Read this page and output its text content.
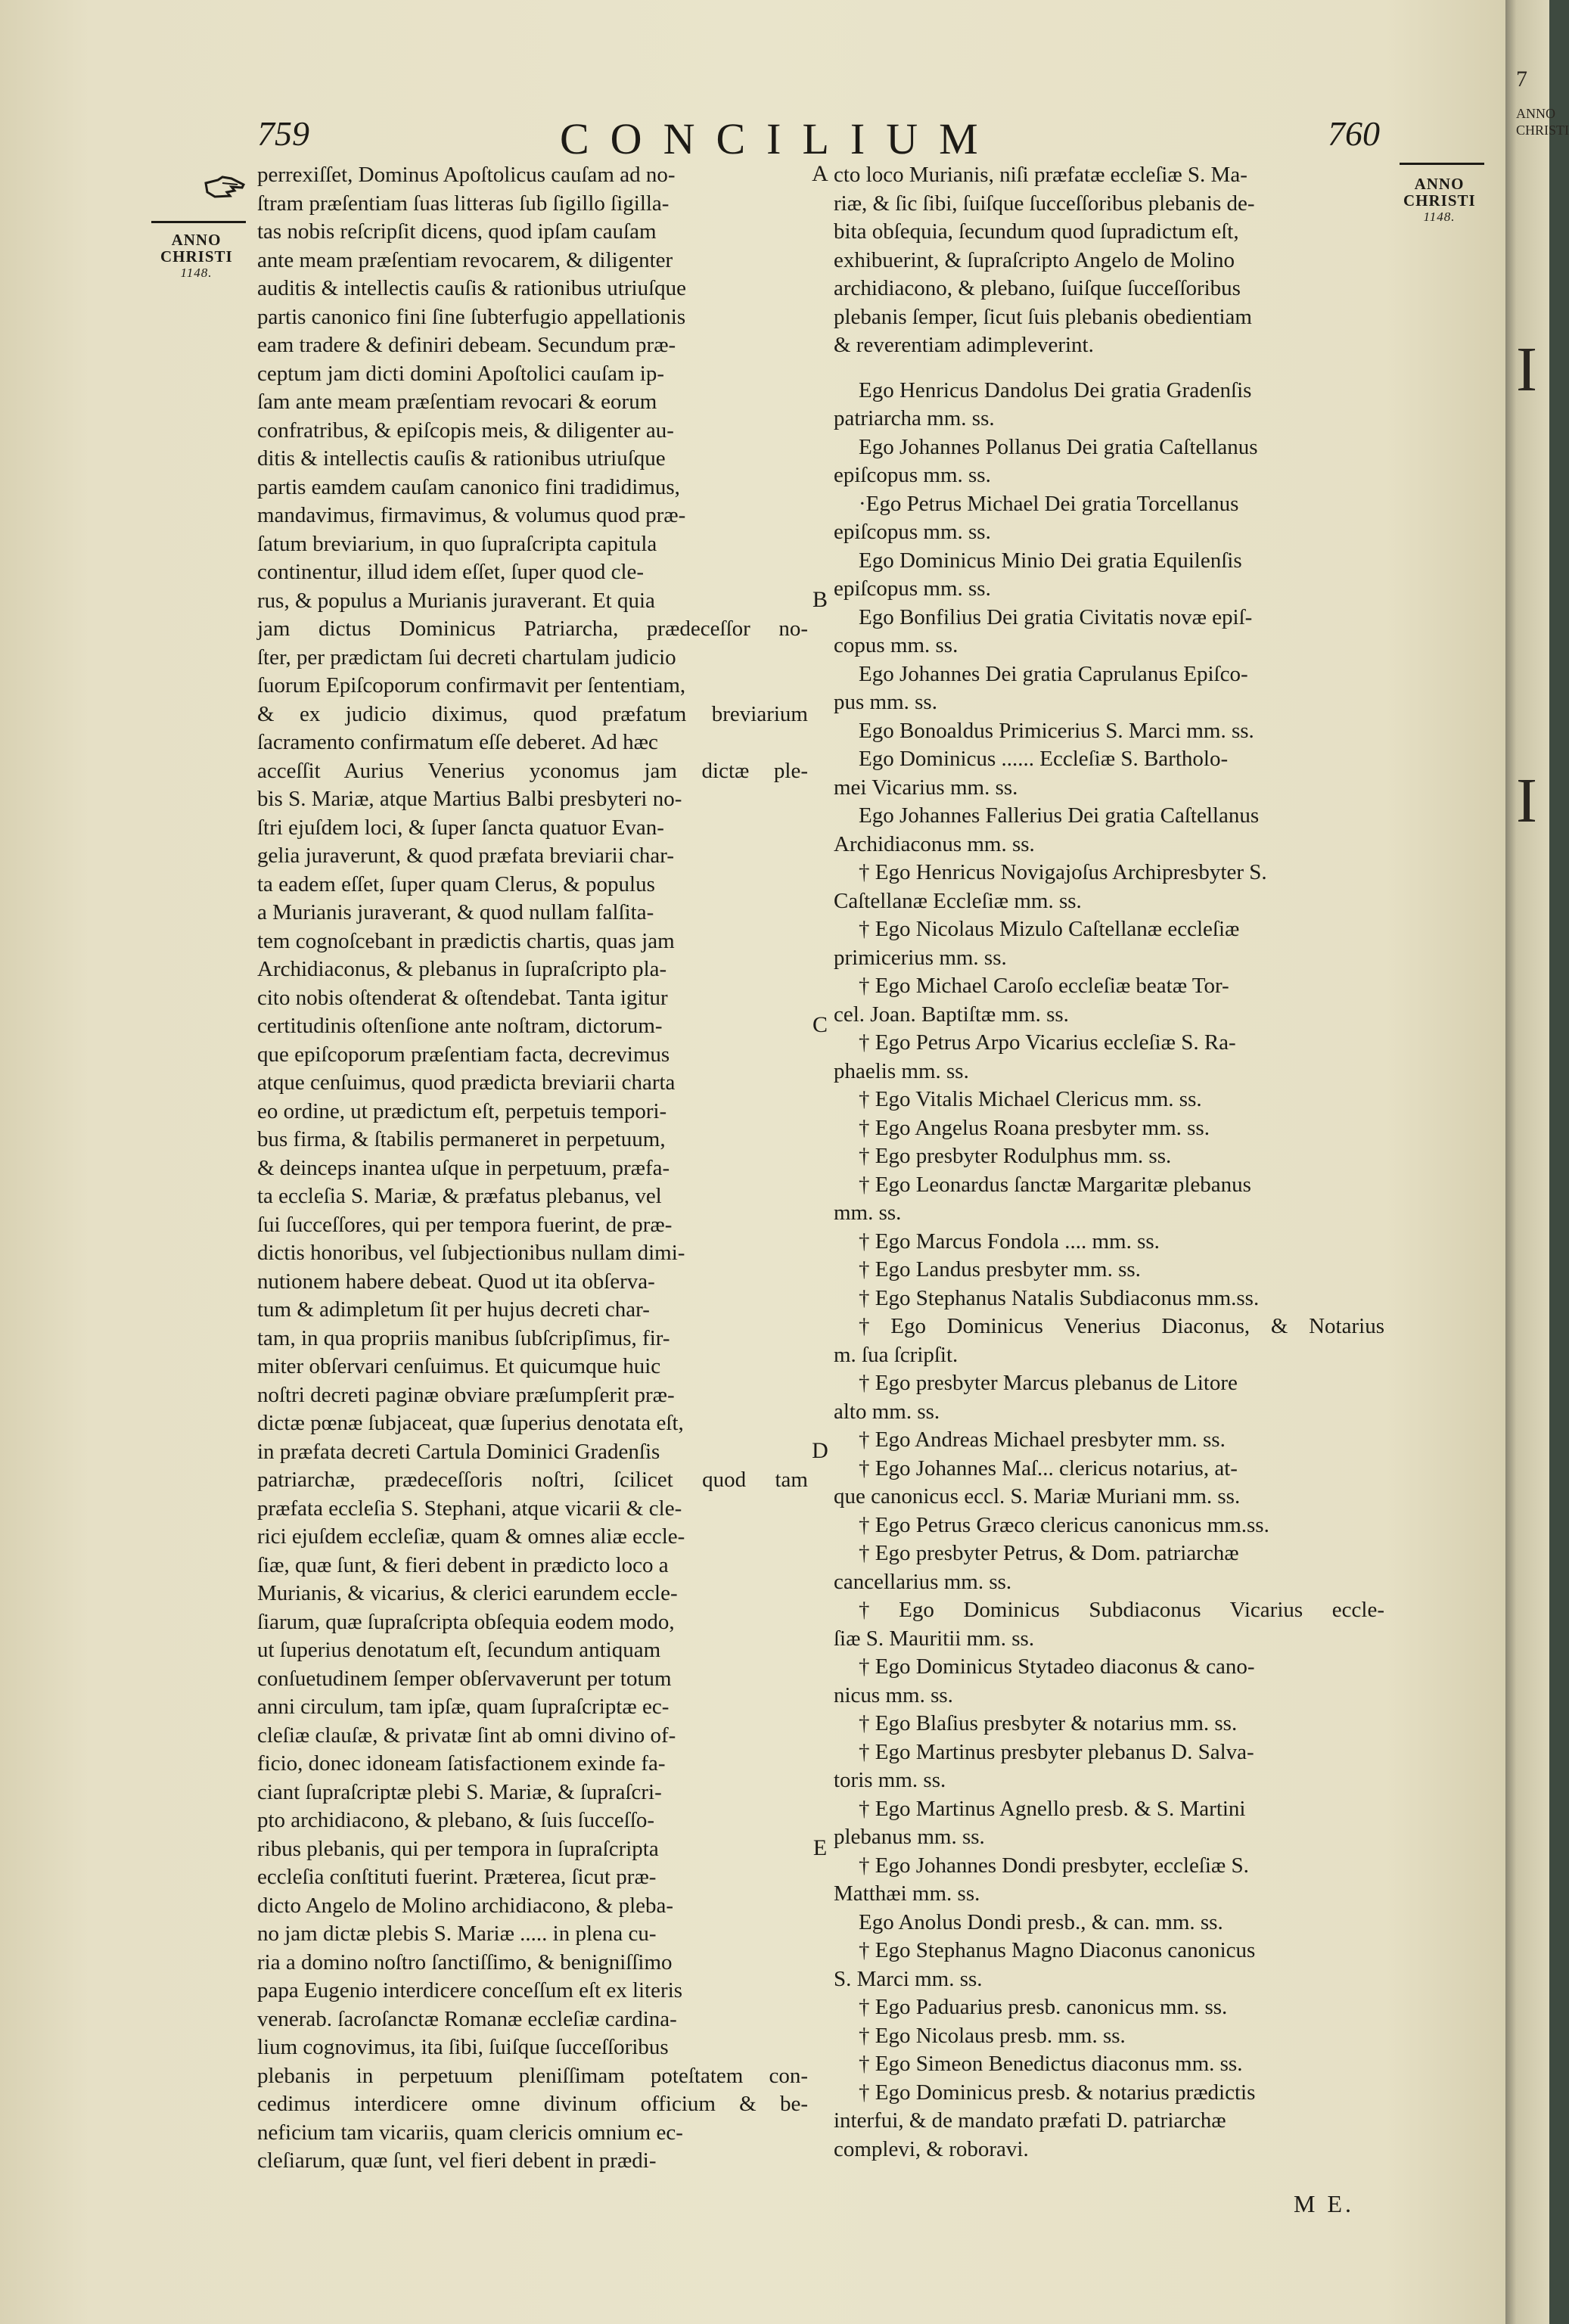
759	CONCILIUM	760
ANNO
CHRISTI
1148.
ANNO
CHRISTI
1148.
A
B
C
D
E
perrexiſſet, Dominus Apoſtolicus cauſam ad no-
ſtram præſentiam ſuas litteras ſub ſigillo ſigilla-
tas nobis reſcripſit dicens, quod ipſam cauſam
ante meam præſentiam revocarem, & diligenter
auditis & intellectis cauſis & rationibus utriuſque
partis canonico fini ſine ſubterfugio appellationis
eam tradere & definiri debeam. Secundum præ-
ceptum jam dicti domini Apoſtolici cauſam ip-
ſam ante meam præſentiam revocari & eorum
confratribus, & epiſcopis meis, & diligenter au-
ditis & intellectis cauſis & rationibus utriuſque
partis eamdem cauſam canonico fini tradidimus,
mandavimus, firmavimus, & volumus quod præ-
ſatum breviarium, in quo ſupraſcripta capitula
continentur, illud idem eſſet, ſuper quod cle-
rus, & populus a Murianis juraverant. Et quia
jam dictus Dominicus Patriarcha, prædeceſſor no-
ſter, per prædictam ſui decreti chartulam judicio
ſuorum Epiſcoporum confirmavit per ſententiam,
& ex judicio diximus, quod præfatum breviarium
ſacramento confirmatum eſſe deberet. Ad hæc
acceſſit Aurius Venerius yconomus jam dictæ ple-
bis S. Mariæ, atque Martius Balbi presbyteri no-
ſtri ejuſdem loci, & ſuper ſancta quatuor Evan-
gelia juraverunt, & quod præfata breviarii char-
ta eadem eſſet, ſuper quam Clerus, & populus
a Murianis juraverant, & quod nullam falſita-
tem cognoſcebant in prædictis chartis, quas jam
Archidiaconus, & plebanus in ſupraſcripto pla-
cito nobis oſtenderat & oſtendebat. Tanta igitur
certitudinis oſtenſione ante noſtram, dictorum-
que epiſcoporum præſentiam facta, decrevimus
atque cenſuimus, quod prædicta breviarii charta
eo ordine, ut prædictum eſt, perpetuis tempori-
bus firma, & ſtabilis permaneret in perpetuum,
& deinceps inantea uſque in perpetuum, præfa-
ta eccleſia S. Mariæ, & præfatus plebanus, vel
ſui ſucceſſores, qui per tempora fuerint, de præ-
dictis honoribus, vel ſubjectionibus nullam dimi-
nutionem habere debeat. Quod ut ita obſerva-
tum & adimpletum ſit per hujus decreti char-
tam, in qua propriis manibus ſubſcripſimus, fir-
miter obſervari cenſuimus. Et quicumque huic
noſtri decreti paginæ obviare præſumpſerit præ-
dictæ pœnæ ſubjaceat, quæ ſuperius denotata eſt,
in præfata decreti Cartula Dominici Gradenſis
patriarchæ, prædeceſſoris noſtri, ſcilicet quod tam
præfata eccleſia S. Stephani, atque vicarii & cle-
rici ejuſdem eccleſiæ, quam & omnes aliæ eccle-
ſiæ, quæ ſunt, & fieri debent in prædicto loco a
Murianis, & vicarius, & clerici earundem eccle-
ſiarum, quæ ſupraſcripta obſequia eodem modo,
ut ſuperius denotatum eſt, ſecundum antiquam
conſuetudinem ſemper obſervaverunt per totum
anni circulum, tam ipſæ, quam ſupraſcriptæ ec-
cleſiæ clauſæ, & privatæ ſint ab omni divino of-
ficio, donec idoneam ſatisfactionem exinde fa-
ciant ſupraſcriptæ plebi S. Mariæ, & ſupraſcri-
pto archidiacono, & plebano, & ſuis ſucceſſo-
ribus plebanis, qui per tempora in ſupraſcripta
eccleſia conſtituti fuerint. Præterea, ſicut præ-
dicto Angelo de Molino archidiacono, & pleba-
no jam dictæ plebis S. Mariæ ..... in plena cu-
ria a domino noſtro ſanctiſſimo, & benigniſſimo
papa Eugenio interdicere conceſſum eſt ex literis
venerab. ſacroſanctæ Romanæ eccleſiæ cardina-
lium cognovimus, ita ſibi, ſuiſque ſucceſſoribus
plebanis in perpetuum pleniſſimam poteſtatem con-
cedimus interdicere omne divinum officium & be-
neficium tam vicariis, quam clericis omnium ec-
cleſiarum, quæ ſunt, vel fieri debent in prædi-
cto loco Murianis, niſi præfatæ eccleſiæ S. Ma-
riæ, & ſic ſibi, ſuiſque ſucceſſoribus plebanis de-
bita obſequia, ſecundum quod ſupradictum eſt,
exhibuerint, & ſupraſcripto Angelo de Molino
archidiacono, & plebano, ſuiſque ſucceſſoribus
plebanis ſemper, ſicut ſuis plebanis obedientiam
& reverentiam adimpleverint.
Ego Henricus Dandolus Dei gratia Gradenſis
patriarcha mm. ss.
Ego Johannes Pollanus Dei gratia Caſtellanus
epiſcopus mm. ss.
·Ego Petrus Michael Dei gratia Torcellanus
epiſcopus mm. ss.
Ego Dominicus Minio Dei gratia Equilenſis
epiſcopus mm. ss.
Ego Bonfilius Dei gratia Civitatis novæ epiſ-
copus mm. ss.
Ego Johannes Dei gratia Caprulanus Epiſco-
pus mm. ss.
Ego Bonoaldus Primicerius S. Marci mm. ss.
Ego Dominicus ...... Eccleſiæ S. Bartholo-
mei Vicarius mm. ss.
Ego Johannes Fallerius Dei gratia Caſtellanus
Archidiaconus mm. ss.
† Ego Henricus Novigajoſus Archipresbyter S.
Caſtellanæ Eccleſiæ mm. ss.
† Ego Nicolaus Mizulo Caſtellanæ eccleſiæ
primicerius mm. ss.
† Ego Michael Caroſo eccleſiæ beatæ Tor-
cel. Joan. Baptiſtæ mm. ss.
† Ego Petrus Arpo Vicarius eccleſiæ S. Ra-
phaelis mm. ss.
† Ego Vitalis Michael Clericus mm. ss.
† Ego Angelus Roana presbyter mm. ss.
† Ego presbyter Rodulphus mm. ss.
† Ego Leonardus ſanctæ Margaritæ plebanus
mm. ss.
† Ego Marcus Fondola .... mm. ss.
† Ego Landus presbyter mm. ss.
† Ego Stephanus Natalis Subdiaconus mm.ss.
† Ego Dominicus Venerius Diaconus, & Notarius
m. ſua ſcripſit.
† Ego presbyter Marcus plebanus de Litore
alto mm. ss.
† Ego Andreas Michael presbyter mm. ss.
† Ego Johannes Maſ... clericus notarius, at-
que canonicus eccl. S. Mariæ Muriani mm. ss.
† Ego Petrus Græco clericus canonicus mm.ss.
† Ego presbyter Petrus, & Dom. patriarchæ
cancellarius mm. ss.
† Ego Dominicus Subdiaconus Vicarius eccle-
ſiæ S. Mauritii mm. ss.
† Ego Dominicus Stytadeo diaconus & cano-
nicus mm. ss.
† Ego Blaſius presbyter & notarius mm. ss.
† Ego Martinus presbyter plebanus D. Salva-
toris mm. ss.
† Ego Martinus Agnello presb. & S. Martini
plebanus mm. ss.
† Ego Johannes Dondi presbyter, eccleſiæ S.
Matthæi mm. ss.
Ego Anolus Dondi presb., & can. mm. ss.
† Ego Stephanus Magno Diaconus canonicus
S. Marci mm. ss.
† Ego Paduarius presb. canonicus mm. ss.
† Ego Nicolaus presb. mm. ss.
† Ego Simeon Benedictus diaconus mm. ss.
† Ego Dominicus presb. & notarius prædictis
interfui, & de mandato præfati D. patriarchæ
complevi, & roboravi.
M E.
7
ANNO
CHRISTI
I
I
